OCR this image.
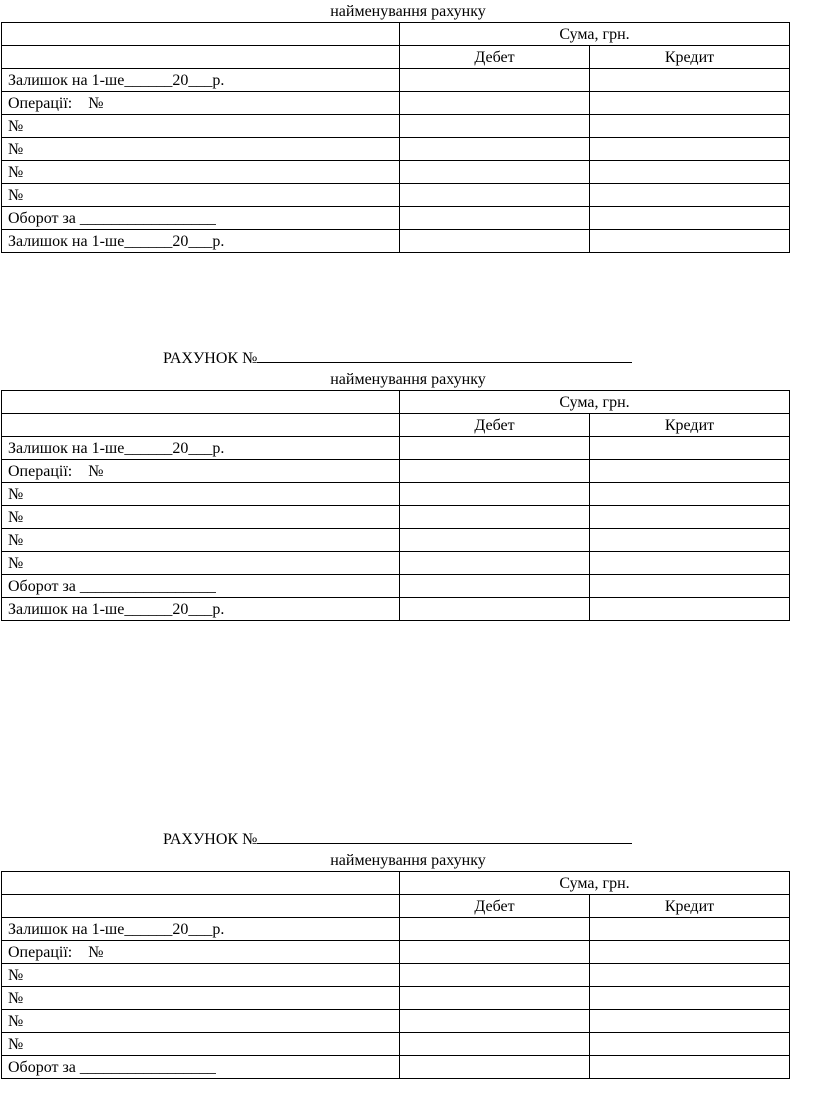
найменування рахунку
	Сума, грн.	
	Дебет	Кредит
Залишок на 1-ше______20___р.		
Операції:    №		
№		
№		
№		
№		
Оборот за _________________		
Залишок на 1-ше______20___р.		
РАХУНОК №
найменування рахунку
	Сума, грн.	
	Дебет	Кредит
Залишок на 1-ше______20___р.		
Операції:    №		
№		
№		
№		
№		
Оборот за _________________		
Залишок на 1-ше______20___р.		
РАХУНОК №
найменування рахунку
	Сума, грн.	
	Дебет	Кредит
Залишок на 1-ше______20___р.		
Операції:    №		
№		
№		
№		
№		
Оборот за _________________		
